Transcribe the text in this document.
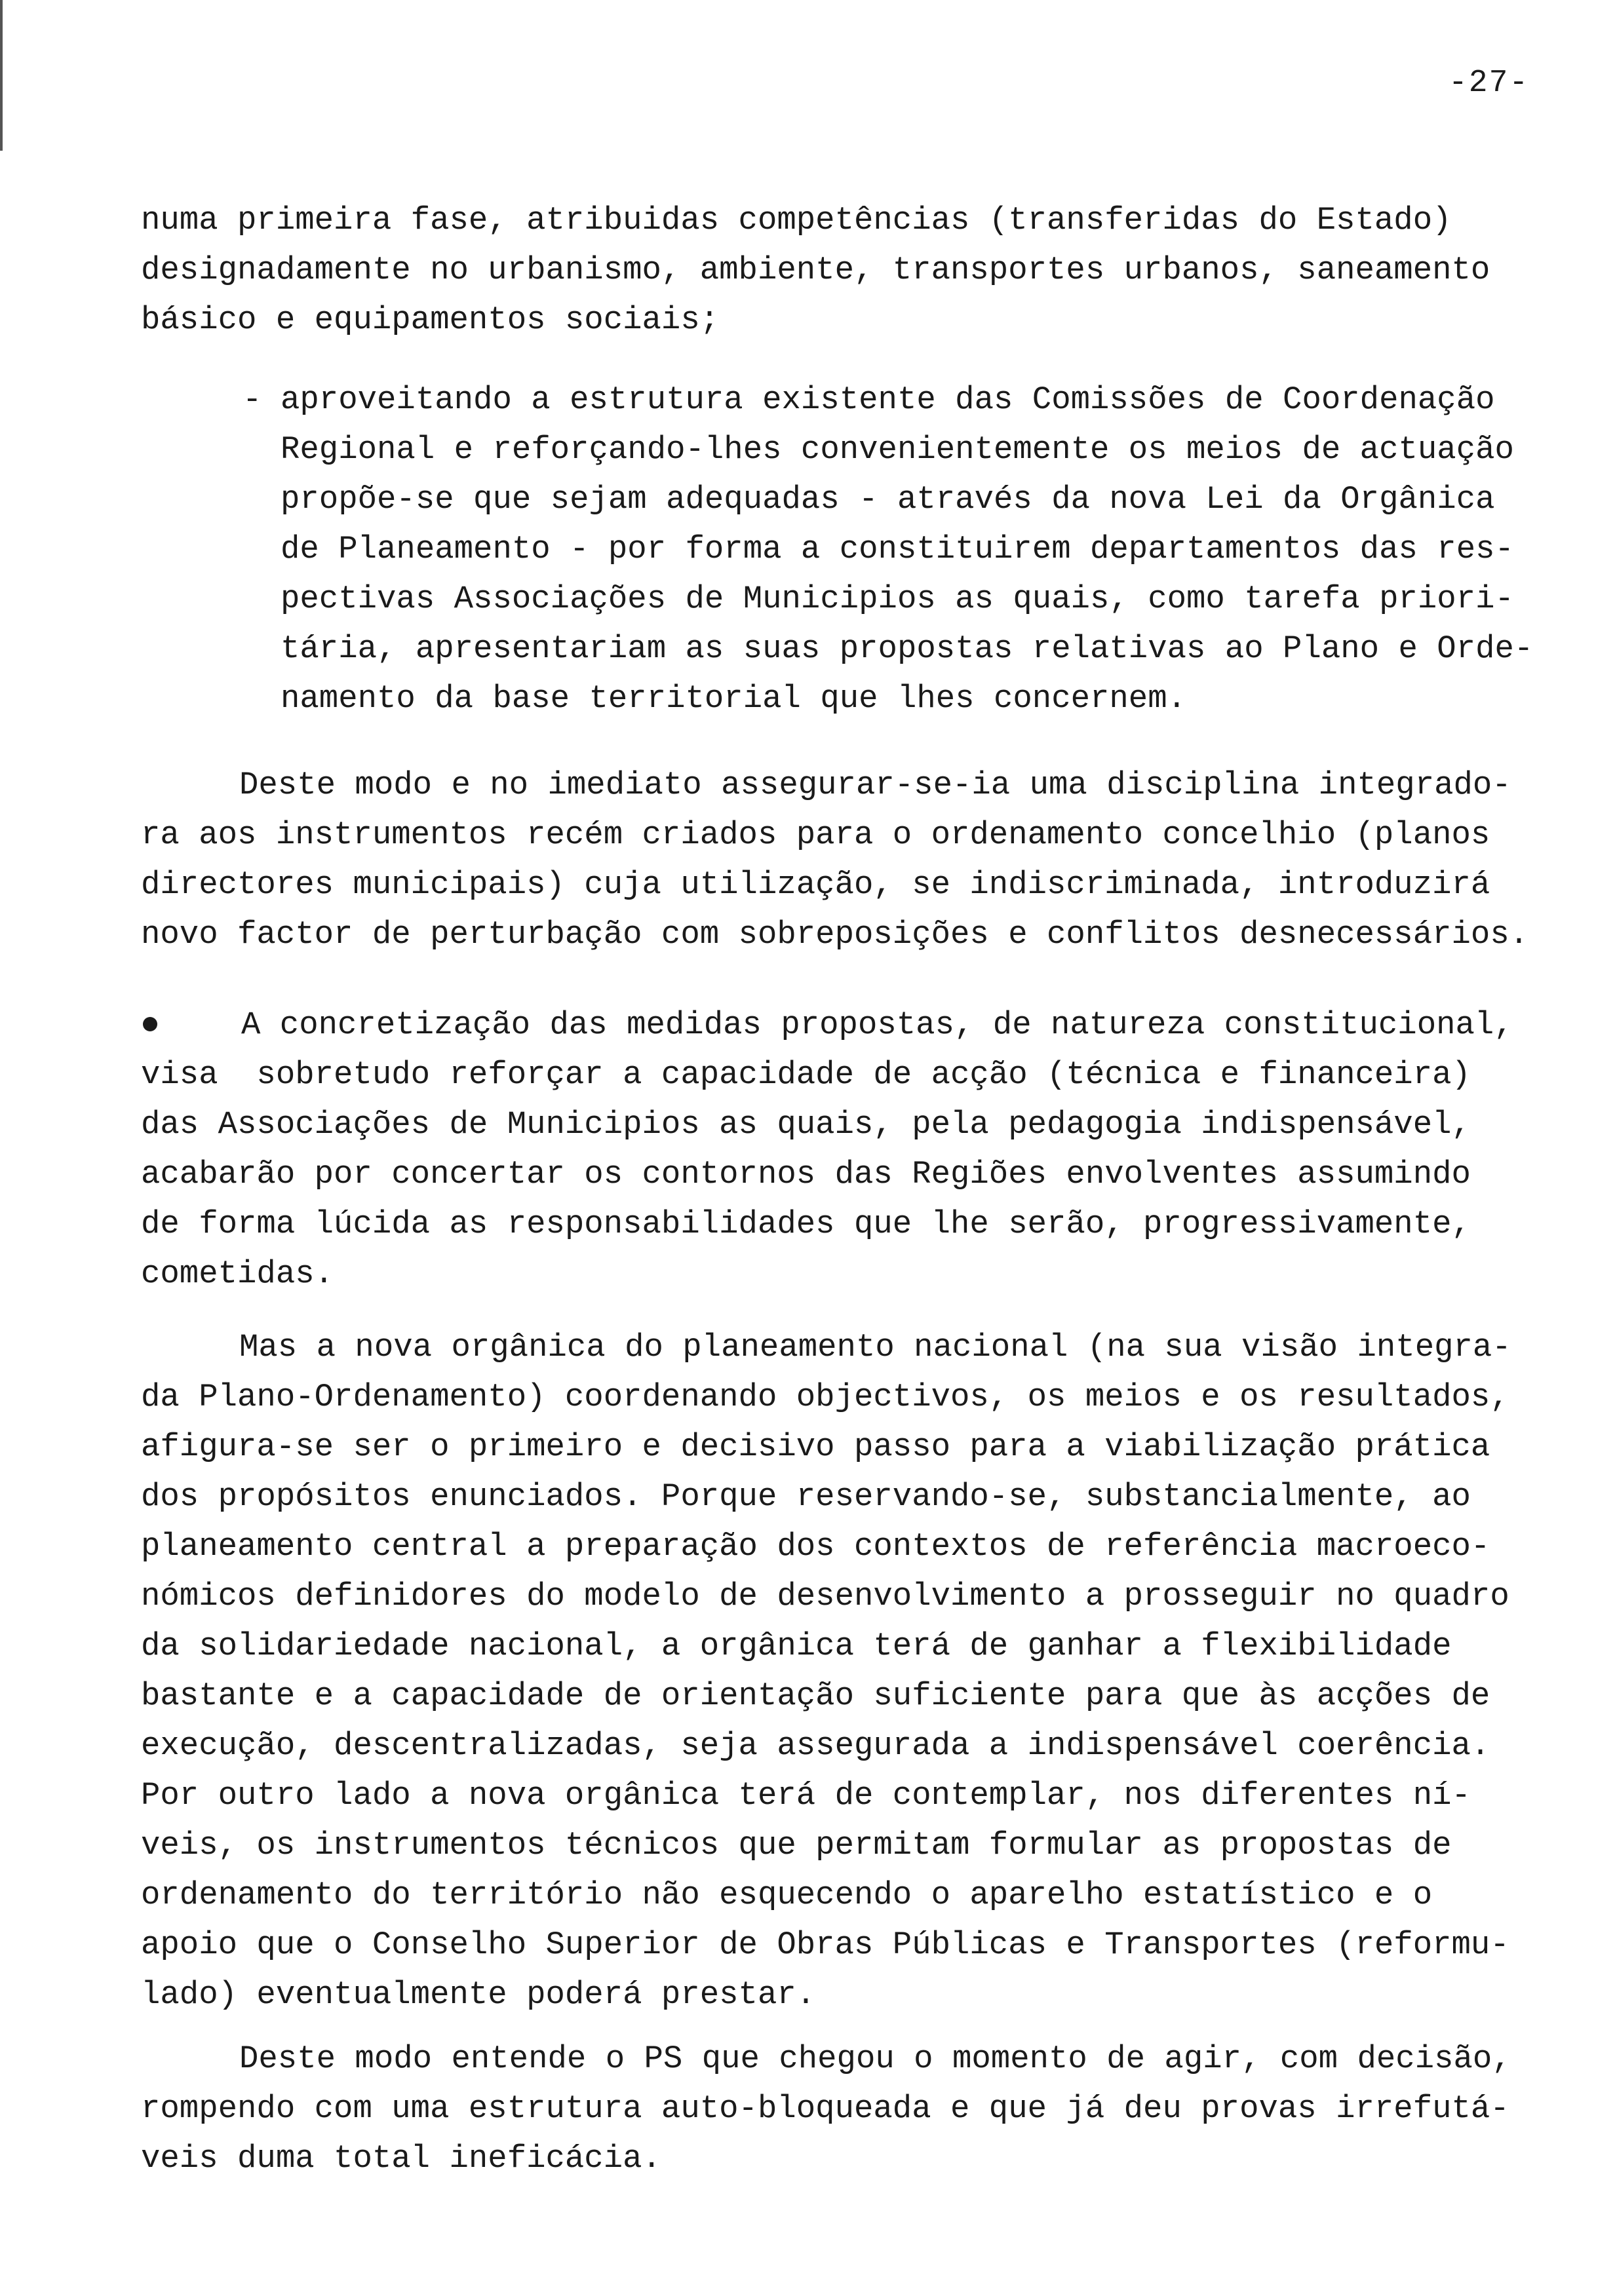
-27-
numa primeira fase, atribuidas competências (transferidas do Estado)
designadamente no urbanismo, ambiente, transportes urbanos, saneamento
básico e equipamentos sociais;
- aproveitando a estrutura existente das Comissões de Coordenação
Regional e reforçando-lhes convenientemente os meios de actuação
propõe-se que sejam adequadas - através da nova Lei da Orgânica
de Planeamento - por forma a constituirem departamentos das res-
pectivas Associações de Municipios as quais, como tarefa priori-
tária, apresentariam as suas propostas relativas ao Plano e Orde-
namento da base territorial que lhes concernem.
Deste modo e no imediato assegurar-se-ia uma disciplina integrado-
ra aos instrumentos recém criados para o ordenamento concelhio (planos
directores municipais) cuja utilização, se indiscriminada, introduzirá
novo factor de perturbação com sobreposições e conflitos desnecessários.
A concretização das medidas propostas, de natureza constitucional,
visa  sobretudo reforçar a capacidade de acção (técnica e financeira)
das Associações de Municipios as quais, pela pedagogia indispensável,
acabarão por concertar os contornos das Regiões envolventes assumindo
de forma lúcida as responsabilidades que lhe serão, progressivamente,
cometidas.
Mas a nova orgânica do planeamento nacional (na sua visão integra-
da Plano-Ordenamento) coordenando objectivos, os meios e os resultados,
afigura-se ser o primeiro e decisivo passo para a viabilização prática
dos propósitos enunciados. Porque reservando-se, substancialmente, ao
planeamento central a preparação dos contextos de referência macroeco-
nómicos definidores do modelo de desenvolvimento a prosseguir no quadro
da solidariedade nacional, a orgânica terá de ganhar a flexibilidade
bastante e a capacidade de orientação suficiente para que às acções de
execução, descentralizadas, seja assegurada a indispensável coerência.
Por outro lado a nova orgânica terá de contemplar, nos diferentes ní-
veis, os instrumentos técnicos que permitam formular as propostas de
ordenamento do território não esquecendo o aparelho estatístico e o
apoio que o Conselho Superior de Obras Públicas e Transportes (reformu-
lado) eventualmente poderá prestar.
Deste modo entende o PS que chegou o momento de agir, com decisão,
rompendo com uma estrutura auto-bloqueada e que já deu provas irrefutá-
veis duma total ineficácia.
